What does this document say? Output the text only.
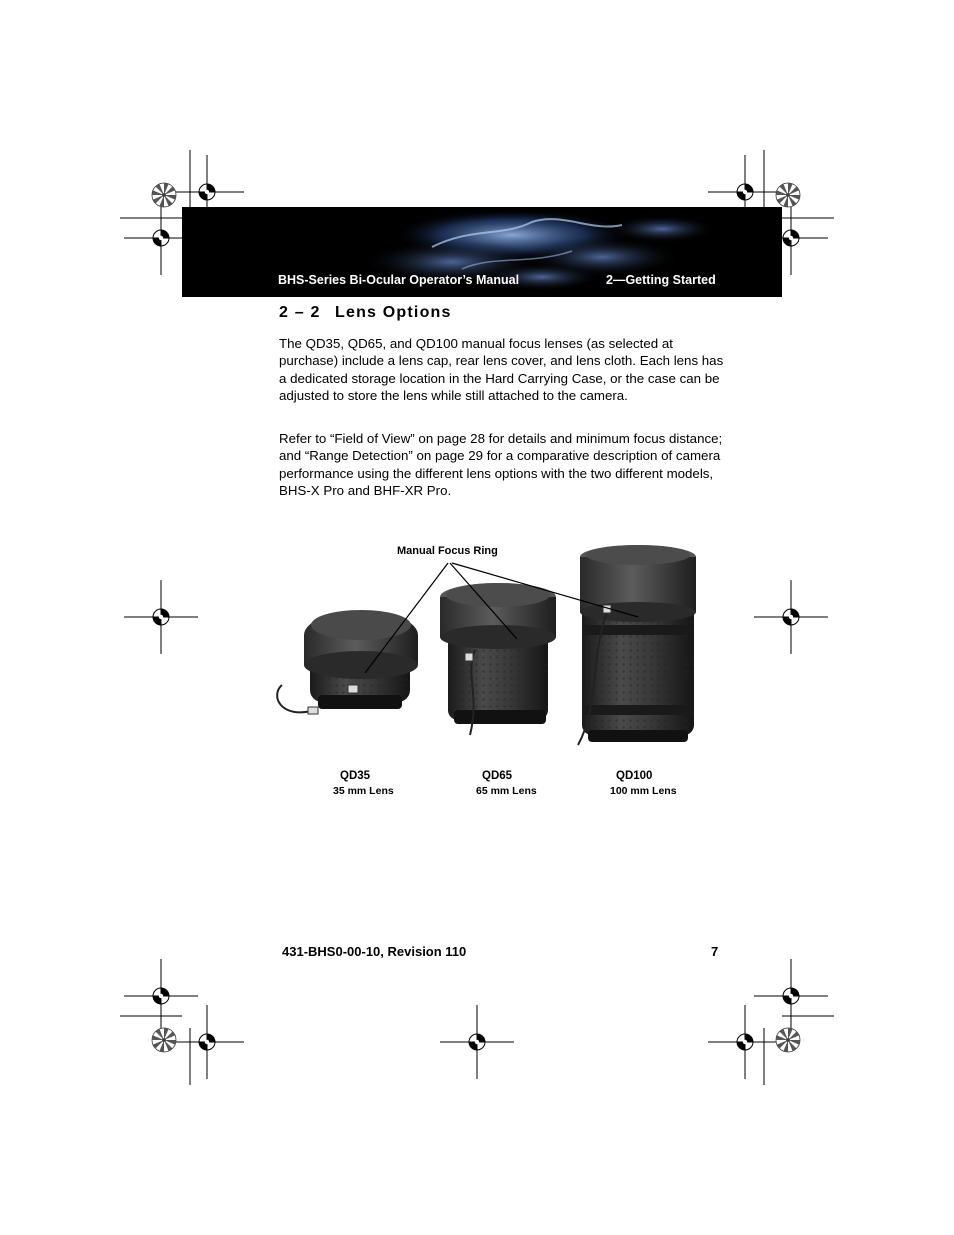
BHS-Series Bi-Ocular Operator’s Manual	2—Getting Started
2 – 2 Lens Options
The QD35, QD65, and QD100 manual focus lenses (as selected at purchase) include a lens cap, rear lens cover, and lens cloth. Each lens has a dedicated storage location in the Hard Carrying Case, or the case can be adjusted to store the lens while still attached to the camera.
Refer to “Field of View” on page 28 for details and minimum focus distance; and “Range Detection” on page 29 for a comparative description of camera performance using the different lens options with the two different models, BHS-X Pro and BHF-XR Pro.
Manual Focus Ring
QD35
35 mm Lens
QD65
65 mm Lens
QD100
100 mm Lens
431-BHS0-00-10, Revision 110	7
